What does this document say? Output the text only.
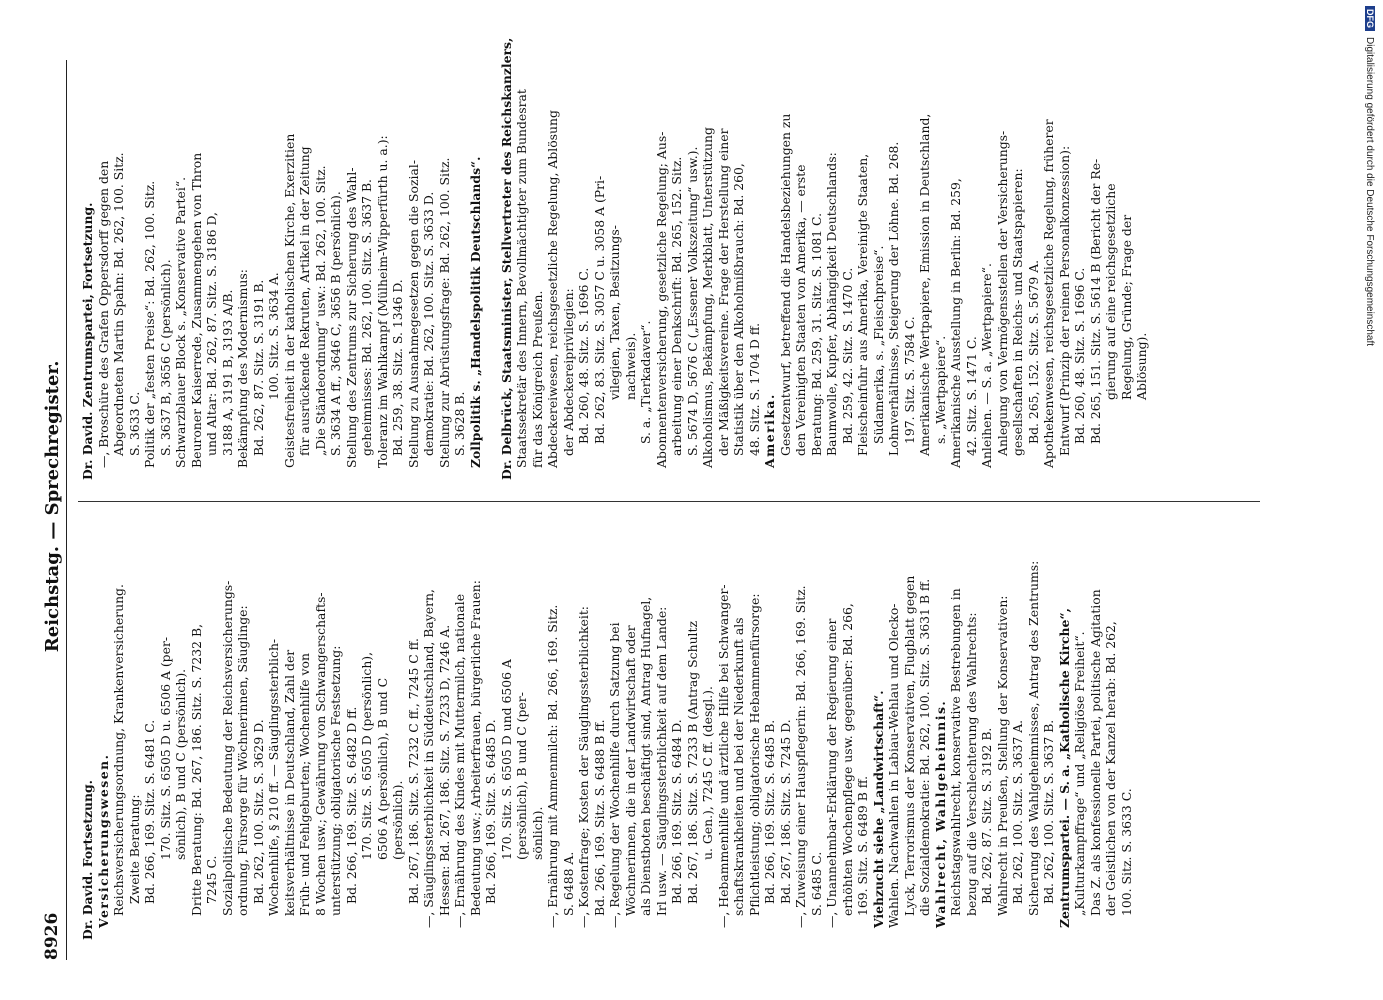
8926
Reichstag. — Sprechregister.
Dr. David. Fortsetzung. Versicherungswesen. Reichsversicherungsordnung, Krankenversicherung. Zweite Beratung: Bd. 266, 169. Sitz. S. 6481 C. 170. Sitz. S. 6505 D u. 6506 A (per- sönlich), B und C (persönlich). Dritte Beratung: Bd. 267, 186. Sitz. S. 7232 B, 7245 C. Sozialpolitische Bedeutung der Reichsversicherungs- ordnung, Fürsorge für Wöchnerinnen, Säuglinge: Bd. 262, 100. Sitz. S. 3629 D. Wochenhilfe, § 210 ff. — Säuglingssterblich- keitsverhältnisse in Deutschland, Zahl der Früh- und Fehlgeburten; Wochenhilfe von 8 Wochen usw.; Gewährung von Schwangerschafts- unterstützung; obligatorische Festsetzung: Bd. 266, 169. Sitz. S. 6482 D ff. 170. Sitz. S. 6505 D (persönlich), 6506 A (persönlich), B und C (persönlich). Bd. 267, 186. Sitz. S. 7232 C ff., 7245 C ff. —, Säuglingssterblichkeit in Süddeutschland, Bayern, Hessen: Bd. 267, 186. Sitz. S. 7233 D, 7246 A. —, Ernährung des Kindes mit Muttermilch, nationale Bedeutung usw.; Arbeiterfrauen, bürgerliche Frauen: Bd. 266, 169. Sitz. S. 6485 D. 170. Sitz. S. 6505 D und 6506 A (persönlich), B und C (per- sönlich). —, Ernährung mit Ammenmilch: Bd. 266, 169. Sitz. S. 6488 A. —, Kostenfrage; Kosten der Säuglingssterblichkeit: Bd. 266, 169. Sitz. S. 6488 B ff. —, Regelung der Wochenhilfe durch Satzung bei Wöchnerinnen, die in der Landwirtschaft oder als Dienstboten beschäftigt sind, Antrag Hufnagel, Irl usw. — Säuglingssterblichkeit auf dem Lande: Bd. 266, 169. Sitz. S. 6484 D. Bd. 267, 186. Sitz. S. 7233 B (Antrag Schultz u. Gen.), 7245 C ff. (desgl.). —, Hebammenhilfe und ärztliche Hilfe bei Schwanger- schaftskrankheiten und bei der Niederkunft als Pflichtleistung; obligatorische Hebammenfürsorge: Bd. 266, 169. Sitz. S. 6485 B. Bd. 267, 186. Sitz. S. 7245 D. —, Zuweisung einer Hauspflegerin: Bd. 266, 169. Sitz. S. 6485 C. —, Unannehmbar-Erklärung der Regierung einer erhöhten Wochenpflege usw. gegenüber: Bd. 266, 169. Sitz. S. 6489 B ff. Viehzucht siehe „Landwirtschaft“. Wahlen. Nachwahlen in Labiau-Wehlau und Olecko- Lyck, Terrorismus der Konservativen, Flugblatt gegen die Sozialdemokratie: Bd. 262, 100. Sitz. S. 3631 B ff. Wahlrecht, Wahlgeheimnis. Reichstagswahlrecht, konservative Bestrebungen in bezug auf die Verschlechterung des Wahlrechts: Bd. 262, 87. Sitz. S. 3192 B. Wahlrecht in Preußen, Stellung der Konservativen: Bd. 262, 100. Sitz. S. 3637 A. Sicherung des Wahlgeheimnisses, Antrag des Zentrums: Bd. 262, 100. Sitz. S. 3637 B. Zentrumspartei. — S. a. „Katholische Kirche“, „Kulturkampffrage“ und „Religiöse Freiheit“. Das Z. als konfessionelle Partei, politische Agitation der Geistlichen von der Kanzel herab: Bd. 262, 100. Sitz. S. 3633 C.
Dr. David. Zentrumspartei, Fortsetzung. —, Broschüre des Grafen Oppersdorff gegen den Abgeordneten Martin Spahn: Bd. 262, 100. Sitz. S. 3633 C. Politik der „festen Preise“: Bd. 262, 100. Sitz. S. 3637 B, 3656 C (persönlich). Schwarzblauer Block s. „Konservative Partei“. Beuroner Kaiserrede, Zusammengehen von Thron und Altar: Bd. 262, 87. Sitz. S. 3186 D, 3188 A, 3191 B, 3193 A/B. Bekämpfung des Modernismus: Bd. 262, 87. Sitz. S. 3191 B. 100. Sitz. S. 3634 A. Geistesfreiheit in der katholischen Kirche, Exerzitien für ausrückende Rekruten, Artikel in der Zeitung „Die Ständeordnung“ usw.: Bd. 262, 100. Sitz. S. 3634 A ff., 3646 C, 3656 B (persönlich). Stellung des Zentrums zur Sicherung des Wahl- geheimnisses: Bd. 262, 100. Sitz. S. 3637 B. Toleranz im Wahlkampf (Mülheim-Wipperfürth u. a.): Bd. 259, 38. Sitz. S. 1346 D. Stellung zu Ausnahmegesetzen gegen die Sozial- demokratie: Bd. 262, 100. Sitz. S. 3633 D. Stellung zur Abrüstungsfrage: Bd. 262, 100. Sitz. S. 3628 B. Zollpolitik s. „Handelspolitik Deutschlands“.
Dr. Delbrück, Staatsminister, Stellvertreter des Reichskanzlers, Staatssekretär des Innern, Bevollmächtigter zum Bundesrat für das Königreich Preußen. Abdeckereiwesen, reichsgesetzliche Regelung, Ablösung der Abdeckereiprivilegien: Bd. 260, 48. Sitz. S. 1696 C. Bd. 262, 83. Sitz. S. 3057 C u. 3058 A (Pri- vilegien, Taxen, Besitzungs- nachweis). S. a. „Tierkadaver“. Abonnentenversicherung, gesetzliche Regelung; Aus- arbeitung einer Denkschrift: Bd. 265, 152. Sitz. S. 5674 D, 5676 C („Essener Volkszeitung“ usw.). Alkoholismus, Bekämpfung, Merkblatt, Unterstützung der Mäßigkeitsvereine. Frage der Herstellung einer Statistik über den Alkoholmißbrauch: Bd. 260, 48. Sitz. S. 1704 D ff. Amerika. Gesetzentwurf, betreffend die Handelsbeziehungen zu den Vereinigten Staaten von Amerika, — erste Beratung: Bd. 259, 31. Sitz. S. 1081 C. Baumwolle, Kupfer, Abhängigkeit Deutschlands: Bd. 259, 42. Sitz. S. 1470 C. Fleischeinfuhr aus Amerika, Vereinigte Staaten, Südamerika, s. „Fleischpreise“. Lohnverhältnisse, Steigerung der Löhne. Bd. 268. 197. Sitz. S. 7584 C. Amerikanische Wertpapiere, Emission in Deutschland, s. „Wertpapiere“. Amerikanische Ausstellung in Berlin: Bd. 259, 42. Sitz. S. 1471 C. Anleihen. — S. a. „Wertpapiere“. Anlegung von Vermögensstellen der Versicherungs- gesellschaften in Reichs- und Staatspapieren: Bd. 265, 152. Sitz. S. 5679 A. Apothekenwesen, reichsgesetzliche Regelung, früherer Entwurf (Prinzip der reinen Personalkonzession): Bd. 260, 48. Sitz. S. 1696 C. Bd. 265, 151. Sitz. S. 5614 B (Bericht der Re- gierung auf eine reichsgesetzliche Regelung, Gründe; Frage der Ablösung).
DFGDigitalisierung gefördert durch die Deutsche Forschungsgemeinschaft
